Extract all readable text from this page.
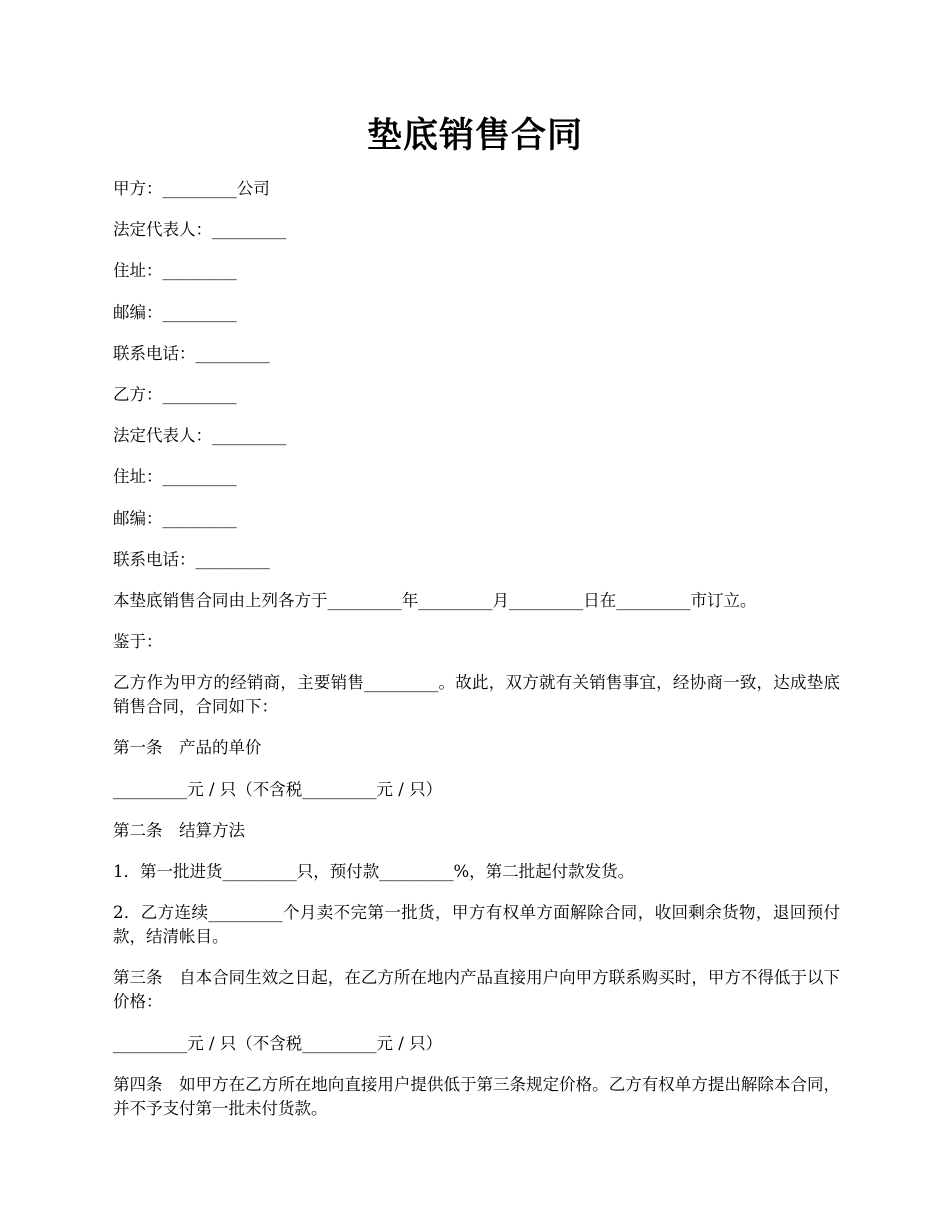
垫底销售合同

甲方：_________公司

法定代表人：_________

住址：_________

邮编：_________

联系电话：_________

乙方：_________

法定代表人：_________

住址：_________

邮编：_________

联系电话：_________

本垫底销售合同由上列各方于_________年_________月_________日在_________市订立。

鉴于：

乙方作为甲方的经销商，主要销售_________。故此，双方就有关销售事宜，经协商一致，达成垫底销售合同，合同如下：

第一条　产品的单价

_________元 / 只（不含税_________元 / 只）

第二条　结算方法

1．第一批进货_________只，预付款_________%，第二批起付款发货。

2．乙方连续_________个月卖不完第一批货，甲方有权单方面解除合同，收回剩余货物，退回预付款，结清帐目。

第三条　自本合同生效之日起，在乙方所在地内产品直接用户向甲方联系购买时，甲方不得低于以下价格：

_________元 / 只（不含税_________元 / 只）

第四条　如甲方在乙方所在地向直接用户提供低于第三条规定价格。乙方有权单方提出解除本合同，并不予支付第一批未付货款。
